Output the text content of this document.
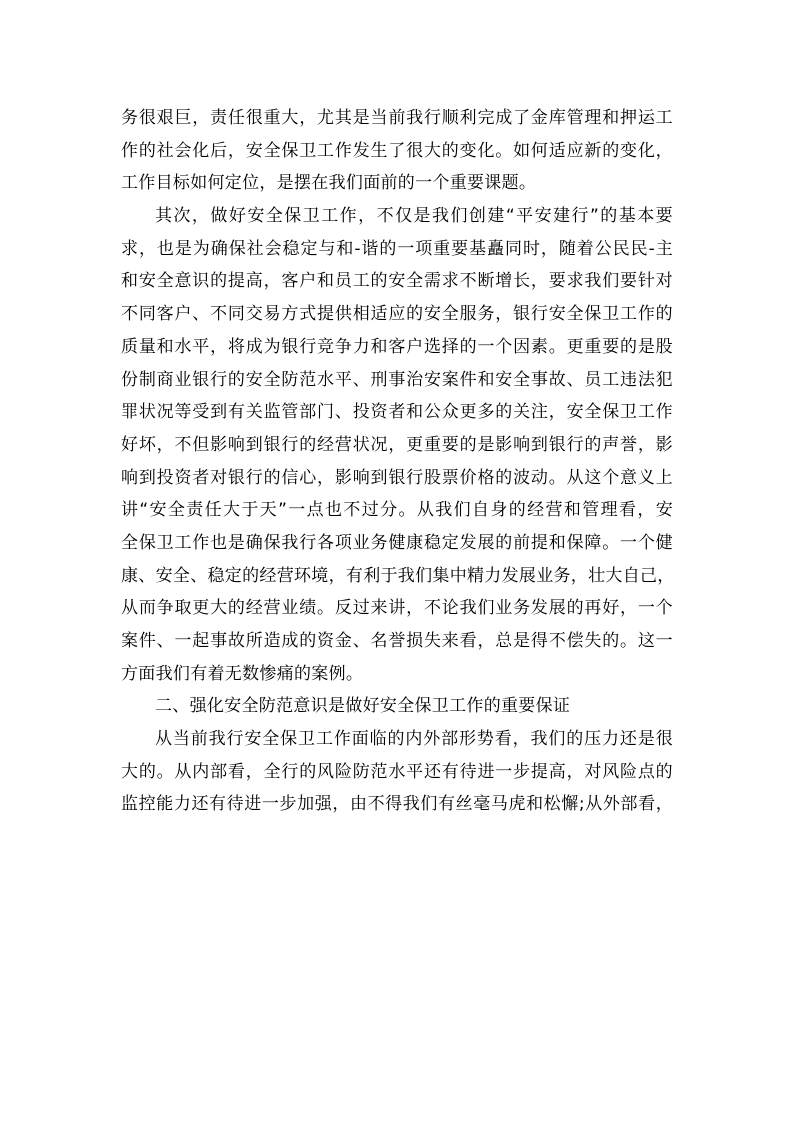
务很艰巨，责任很重大，尤其是当前我行顺利完成了金库管理和押运工
作的社会化后，安全保卫工作发生了很大的变化。如何适应新的变化，
工作目标如何定位，是摆在我们面前的一个重要课题。
其次，做好安全保卫工作，不仅是我们创建“平安建行”的基本要
求，也是为确保社会稳定与和-谐的一项重要基矗同时，随着公民民-主
和安全意识的提高，客户和员工的安全需求不断增长，要求我们要针对
不同客户、不同交易方式提供相适应的安全服务，银行安全保卫工作的
质量和水平，将成为银行竞争力和客户选择的一个因素。更重要的是股
份制商业银行的安全防范水平、刑事治安案件和安全事故、员工违法犯
罪状况等受到有关监管部门、投资者和公众更多的关注，安全保卫工作
好坏，不但影响到银行的经营状况，更重要的是影响到银行的声誉，影
响到投资者对银行的信心，影响到银行股票价格的波动。从这个意义上
讲“安全责任大于天”一点也不过分。从我们自身的经营和管理看，安
全保卫工作也是确保我行各项业务健康稳定发展的前提和保障。一个健
康、安全、稳定的经营环境，有利于我们集中精力发展业务，壮大自己，
从而争取更大的经营业绩。反过来讲，不论我们业务发展的再好，一个
案件、一起事故所造成的资金、名誉损失来看，总是得不偿失的。这一
方面我们有着无数惨痛的案例。
二、强化安全防范意识是做好安全保卫工作的重要保证
从当前我行安全保卫工作面临的内外部形势看，我们的压力还是很
大的。从内部看，全行的风险防范水平还有待进一步提高，对风险点的
监控能力还有待进一步加强，由不得我们有丝毫马虎和松懈;从外部看，
